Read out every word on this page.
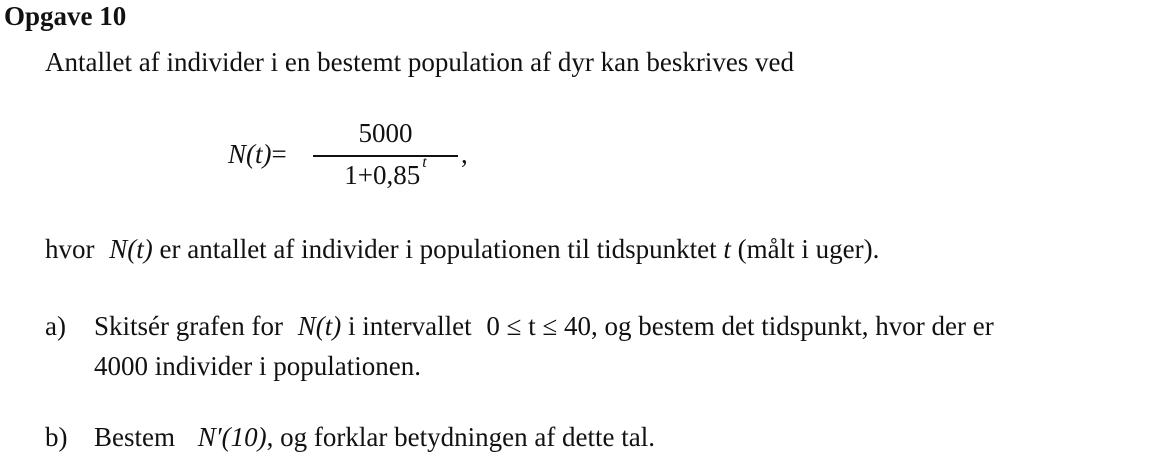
Opgave 10
Antallet af individer i en bestemt population af dyr kan beskrives ved
N(t)=
5000
1+0,85 $^t$	,
hvor N(t) er antallet af individer i populationen til tidspunktet t (målt i uger).
a) Skitsér grafen for N(t) i intervallet 0 ≤ t ≤ 40, og bestem det tidspunkt, hvor der er
4000 individer i populationen.
b) Bestem N′(10), og forklar betydningen af dette tal.
